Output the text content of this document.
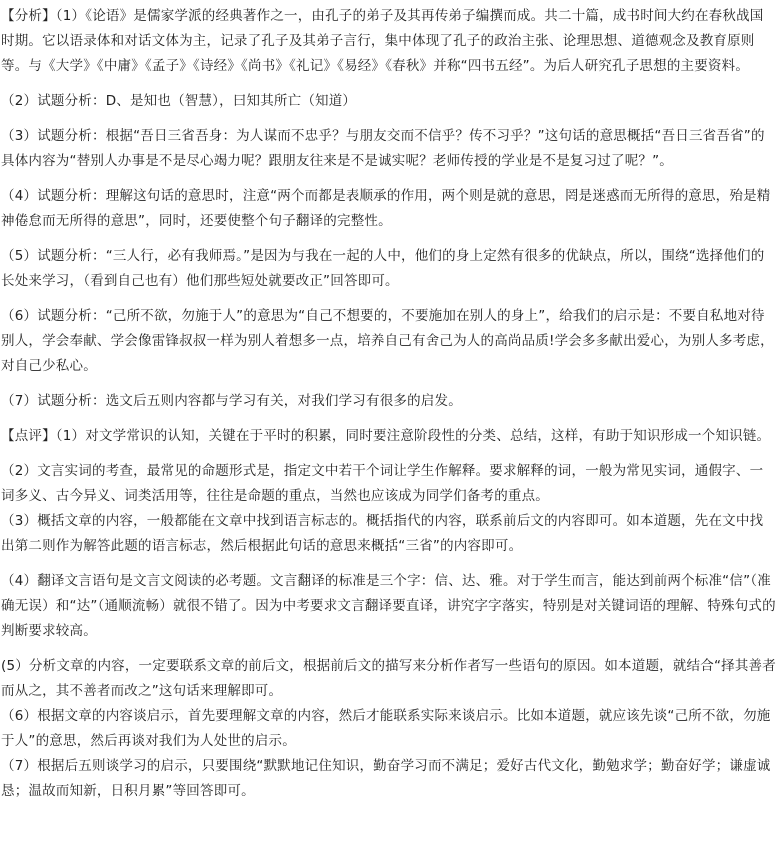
【分析】（1）《论语》是儒家学派的经典著作之一，由孔子的弟子及其再传弟子编撰而成。共二十篇，成书时间大约在春秋战国时期。它以语录体和对话文体为主，记录了孔子及其弟子言行，集中体现了孔子的政治主张、论理思想、道德观念及教育原则等。与《大学》《中庸》《孟子》《诗经》《尚书》《礼记》《易经》《春秋》并称“四书五经”。为后人研究孔子思想的主要资料。

（2）试题分析：D、是知也（智慧），曰知其所亡（知道）

（3）试题分析：根据“吾日三省吾身：为人谋而不忠乎？与朋友交而不信乎？传不习乎？”这句话的意思概括“吾日三省吾省”的具体内容为“替别人办事是不是尽心竭力呢？跟朋友往来是不是诚实呢？老师传授的学业是不是复习过了呢？”。

（4）试题分析：理解这句话的意思时，注意“两个而都是表顺承的作用，两个则是就的意思，罔是迷惑而无所得的意思，殆是精神倦怠而无所得的意思”，同时，还要使整个句子翻译的完整性。

（5）试题分析：“三人行，必有我师焉。”是因为与我在一起的人中，他们的身上定然有很多的优缺点，所以，围绕“选择他们的长处来学习，（看到自己也有）他们那些短处就要改正”回答即可。

（6）试题分析：“己所不欲，勿施于人”的意思为“自己不想要的，不要施加在别人的身上”，给我们的启示是：不要自私地对待别人，学会奉献、学会像雷锋叔叔一样为别人着想多一点，培养自己有舍己为人的高尚品质!学会多多献出爱心，为别人多考虑，对自己少私心。

（7）试题分析：选文后五则内容都与学习有关，对我们学习有很多的启发。

【点评】（1）对文学常识的认知，关键在于平时的积累，同时要注意阶段性的分类、总结，这样，有助于知识形成一个知识链。

（2）文言实词的考查，最常见的命题形式是，指定文中若干个词让学生作解释。要求解释的词，一般为常见实词，通假字、一词多义、古今异义、词类活用等，往往是命题的重点，当然也应该成为同学们备考的重点。

（3）概括文章的内容，一般都能在文章中找到语言标志的。概括指代的内容，联系前后文的内容即可。如本道题，先在文中找出第二则作为解答此题的语言标志，然后根据此句话的意思来概括“三省”的内容即可。

（4）翻译文言语句是文言文阅读的必考题。文言翻译的标准是三个字：信、达、雅。对于学生而言，能达到前两个标准“信”（准确无误）和“达”（通顺流畅）就很不错了。因为中考要求文言翻译要直译，讲究字字落实，特别是对关键词语的理解、特殊句式的判断要求较高。

(5）分析文章的内容，一定要联系文章的前后文，根据前后文的描写来分析作者写一些语句的原因。如本道题，就结合“择其善者而从之，其不善者而改之”这句话来理解即可。

（6）根据文章的内容谈启示，首先要理解文章的内容，然后才能联系实际来谈启示。比如本道题，就应该先谈“己所不欲，勿施于人”的意思，然后再谈对我们为人处世的启示。

（7）根据后五则谈学习的启示，只要围绕“默默地记住知识，勤奋学习而不满足；爱好古代文化，勤勉求学；勤奋好学；谦虚诚恳；温故而知新，日积月累”等回答即可。
